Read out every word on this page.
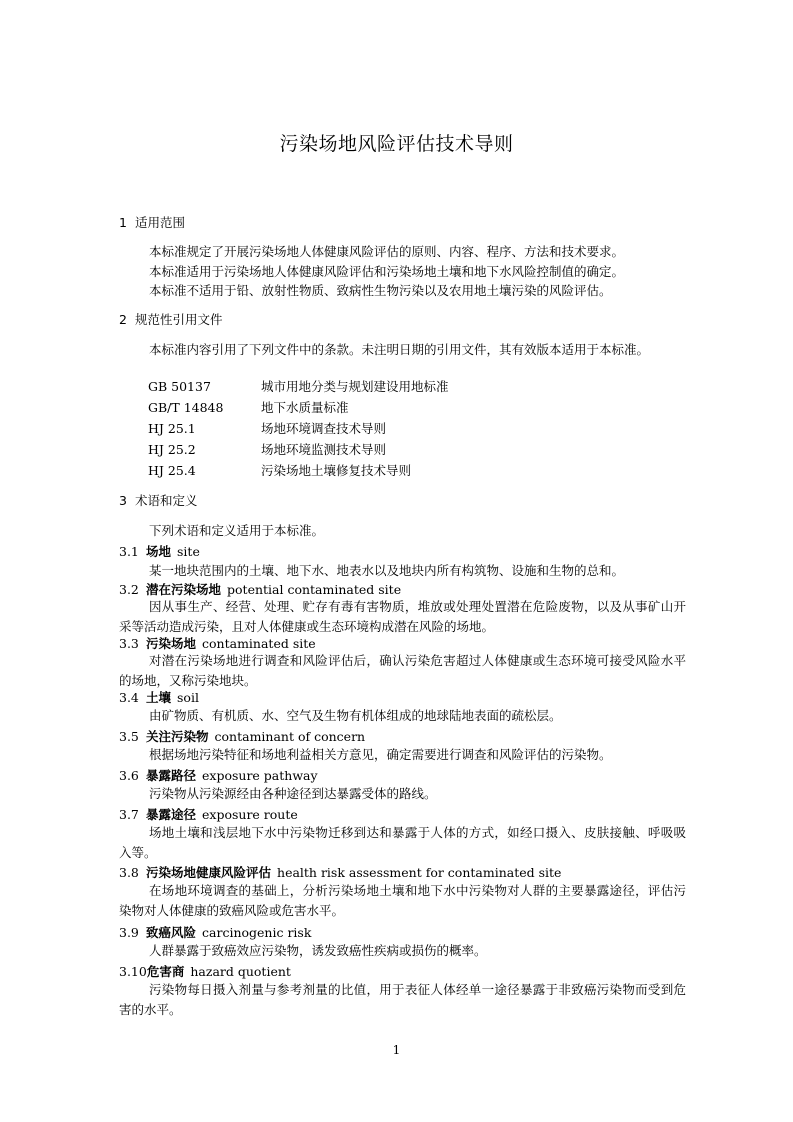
污染场地风险评估技术导则
1 适用范围

本标准规定了开展污染场地人体健康风险评估的原则、内容、程序、方法和技术要求。

本标准适用于污染场地人体健康风险评估和污染场地土壤和地下水风险控制值的确定。

本标准不适用于铅、放射性物质、致病性生物污染以及农用地土壤污染的风险评估。

2 规范性引用文件

本标准内容引用了下列文件中的条款。未注明日期的引用文件，其有效版本适用于本标准。

GB 50137	城市用地分类与规划建设用地标准
GB/T 14848	地下水质量标准
HJ 25.1	场地环境调查技术导则
HJ 25.2	场地环境监测技术导则
HJ 25.4	污染场地土壤修复技术导则
3 术语和定义

下列术语和定义适用于本标准。

3.1 场地 site

某一地块范围内的土壤、地下水、地表水以及地块内所有构筑物、设施和生物的总和。

3.2 潜在污染场地 potential contaminated site

因从事生产、经营、处理、贮存有毒有害物质，堆放或处理处置潜在危险废物，以及从事矿山开采等活动造成污染，且对人体健康或生态环境构成潜在风险的场地。

3.3 污染场地 contaminated site

对潜在污染场地进行调查和风险评估后，确认污染危害超过人体健康或生态环境可接受风险水平的场地，又称污染地块。

3.4 土壤 soil

由矿物质、有机质、水、空气及生物有机体组成的地球陆地表面的疏松层。

3.5 关注污染物 contaminant of concern

根据场地污染特征和场地利益相关方意见，确定需要进行调查和风险评估的污染物。

3.6 暴露路径 exposure pathway

污染物从污染源经由各种途径到达暴露受体的路线。

3.7 暴露途径 exposure route

场地土壤和浅层地下水中污染物迁移到达和暴露于人体的方式，如经口摄入、皮肤接触、呼吸吸入等。

3.8 污染场地健康风险评估 health risk assessment for contaminated site

在场地环境调查的基础上，分析污染场地土壤和地下水中污染物对人群的主要暴露途径，评估污染物对人体健康的致癌风险或危害水平。

3.9 致癌风险 carcinogenic risk

人群暴露于致癌效应污染物，诱发致癌性疾病或损伤的概率。

3.10危害商 hazard quotient

污染物每日摄入剂量与参考剂量的比值，用于表征人体经单一途径暴露于非致癌污染物而受到危害的水平。

1
